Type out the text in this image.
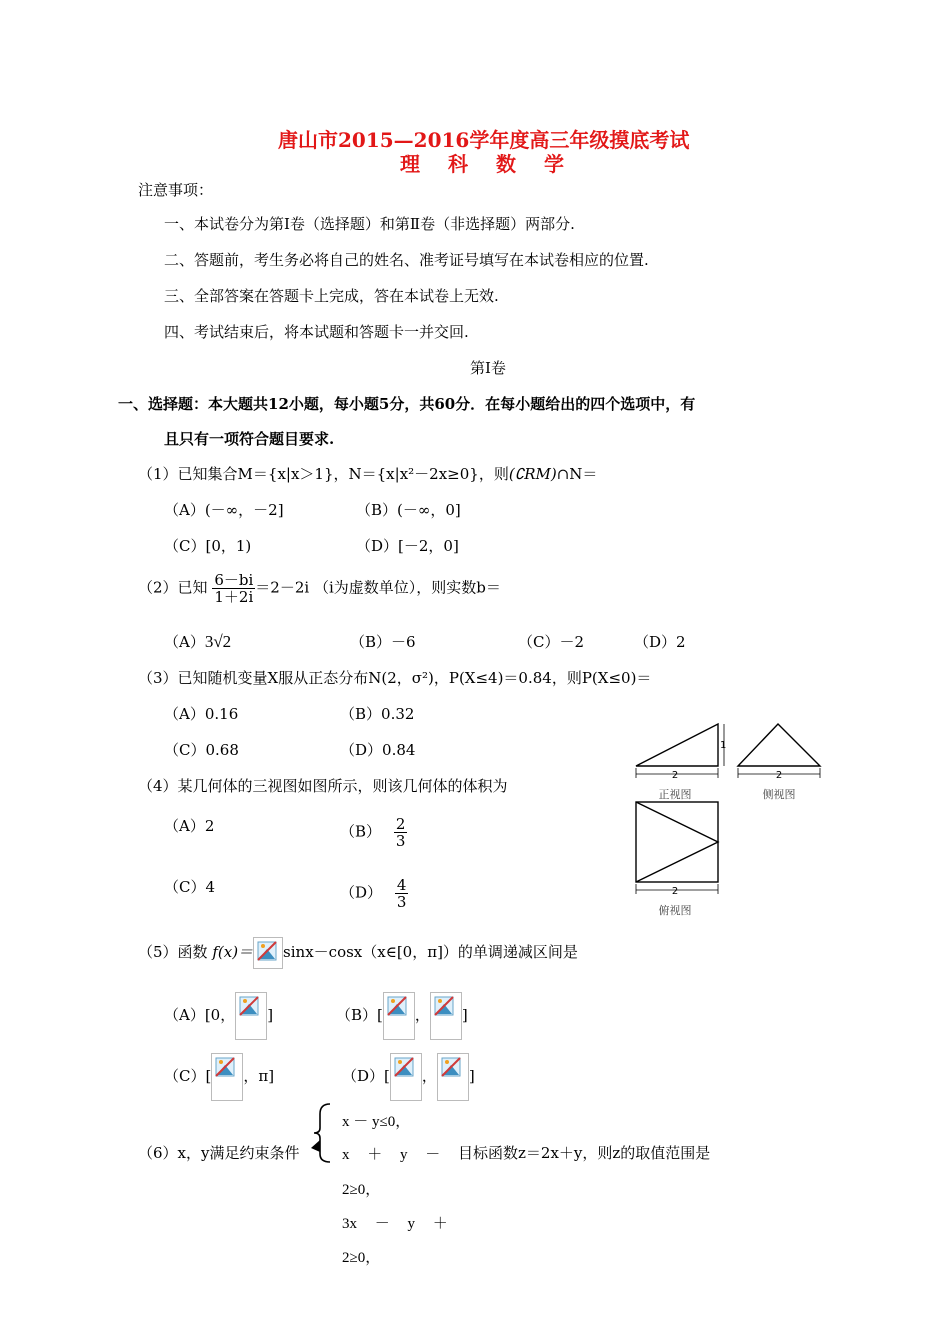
唐山市2015—2016学年度高三年级摸底考试
理科数学
注意事项：
一、本试卷分为第Ⅰ卷（选择题）和第Ⅱ卷（非选择题）两部分.
二、答题前，考生务必将自己的姓名、准考证号填写在本试卷相应的位置.
三、全部答案在答题卡上完成，答在本试卷上无效.
四、考试结束后，将本试题和答题卡一并交回.
第Ⅰ卷
一、选择题：本大题共12小题，每小题5分，共60分．在每小题给出的四个选项中，有
且只有一项符合题目要求.
（1）已知集合M＝{x|x＞1}，N＝{x|x²－2x≥0}，则(∁RM)∩N＝
（A）(－∞，－2]	（B）(－∞，0]
（C）[0，1)	（D）[－2，0]
（2）已知 $\frac{6-bi}{1+2i} =2-2i$ （i为虚数单位），则实数b＝
（A）3√2	（B）－6	（C）－2	（D）2
（3）已知随机变量X服从正态分布N(2，σ²)，P(X≤4)＝0.84，则P(X≤0)＝
（A）0.16	（B）0.32
（C）0.68	（D）0.84
（4）某几何体的三视图如图所示，则该几何体的体积为
（A）2	$(B) \frac{2}{3}$
（C）4	$(D) \frac{4}{3}$
2
1
正视图
2
侧视图
2
俯视图
（5）函数 f(x)＝ sinx－cosx（x∈[0，π]）的单调递减区间是
（A）[0， ]	（B）[ ， ]
（C）[ ，π]	（D）[ ， ]
（6）x，y满足约束条件
x － y≤0，
x ＋ y － 目标函数z＝2x＋y，则z的取值范围是
2≥0，
3x － y ＋
2≥0，
